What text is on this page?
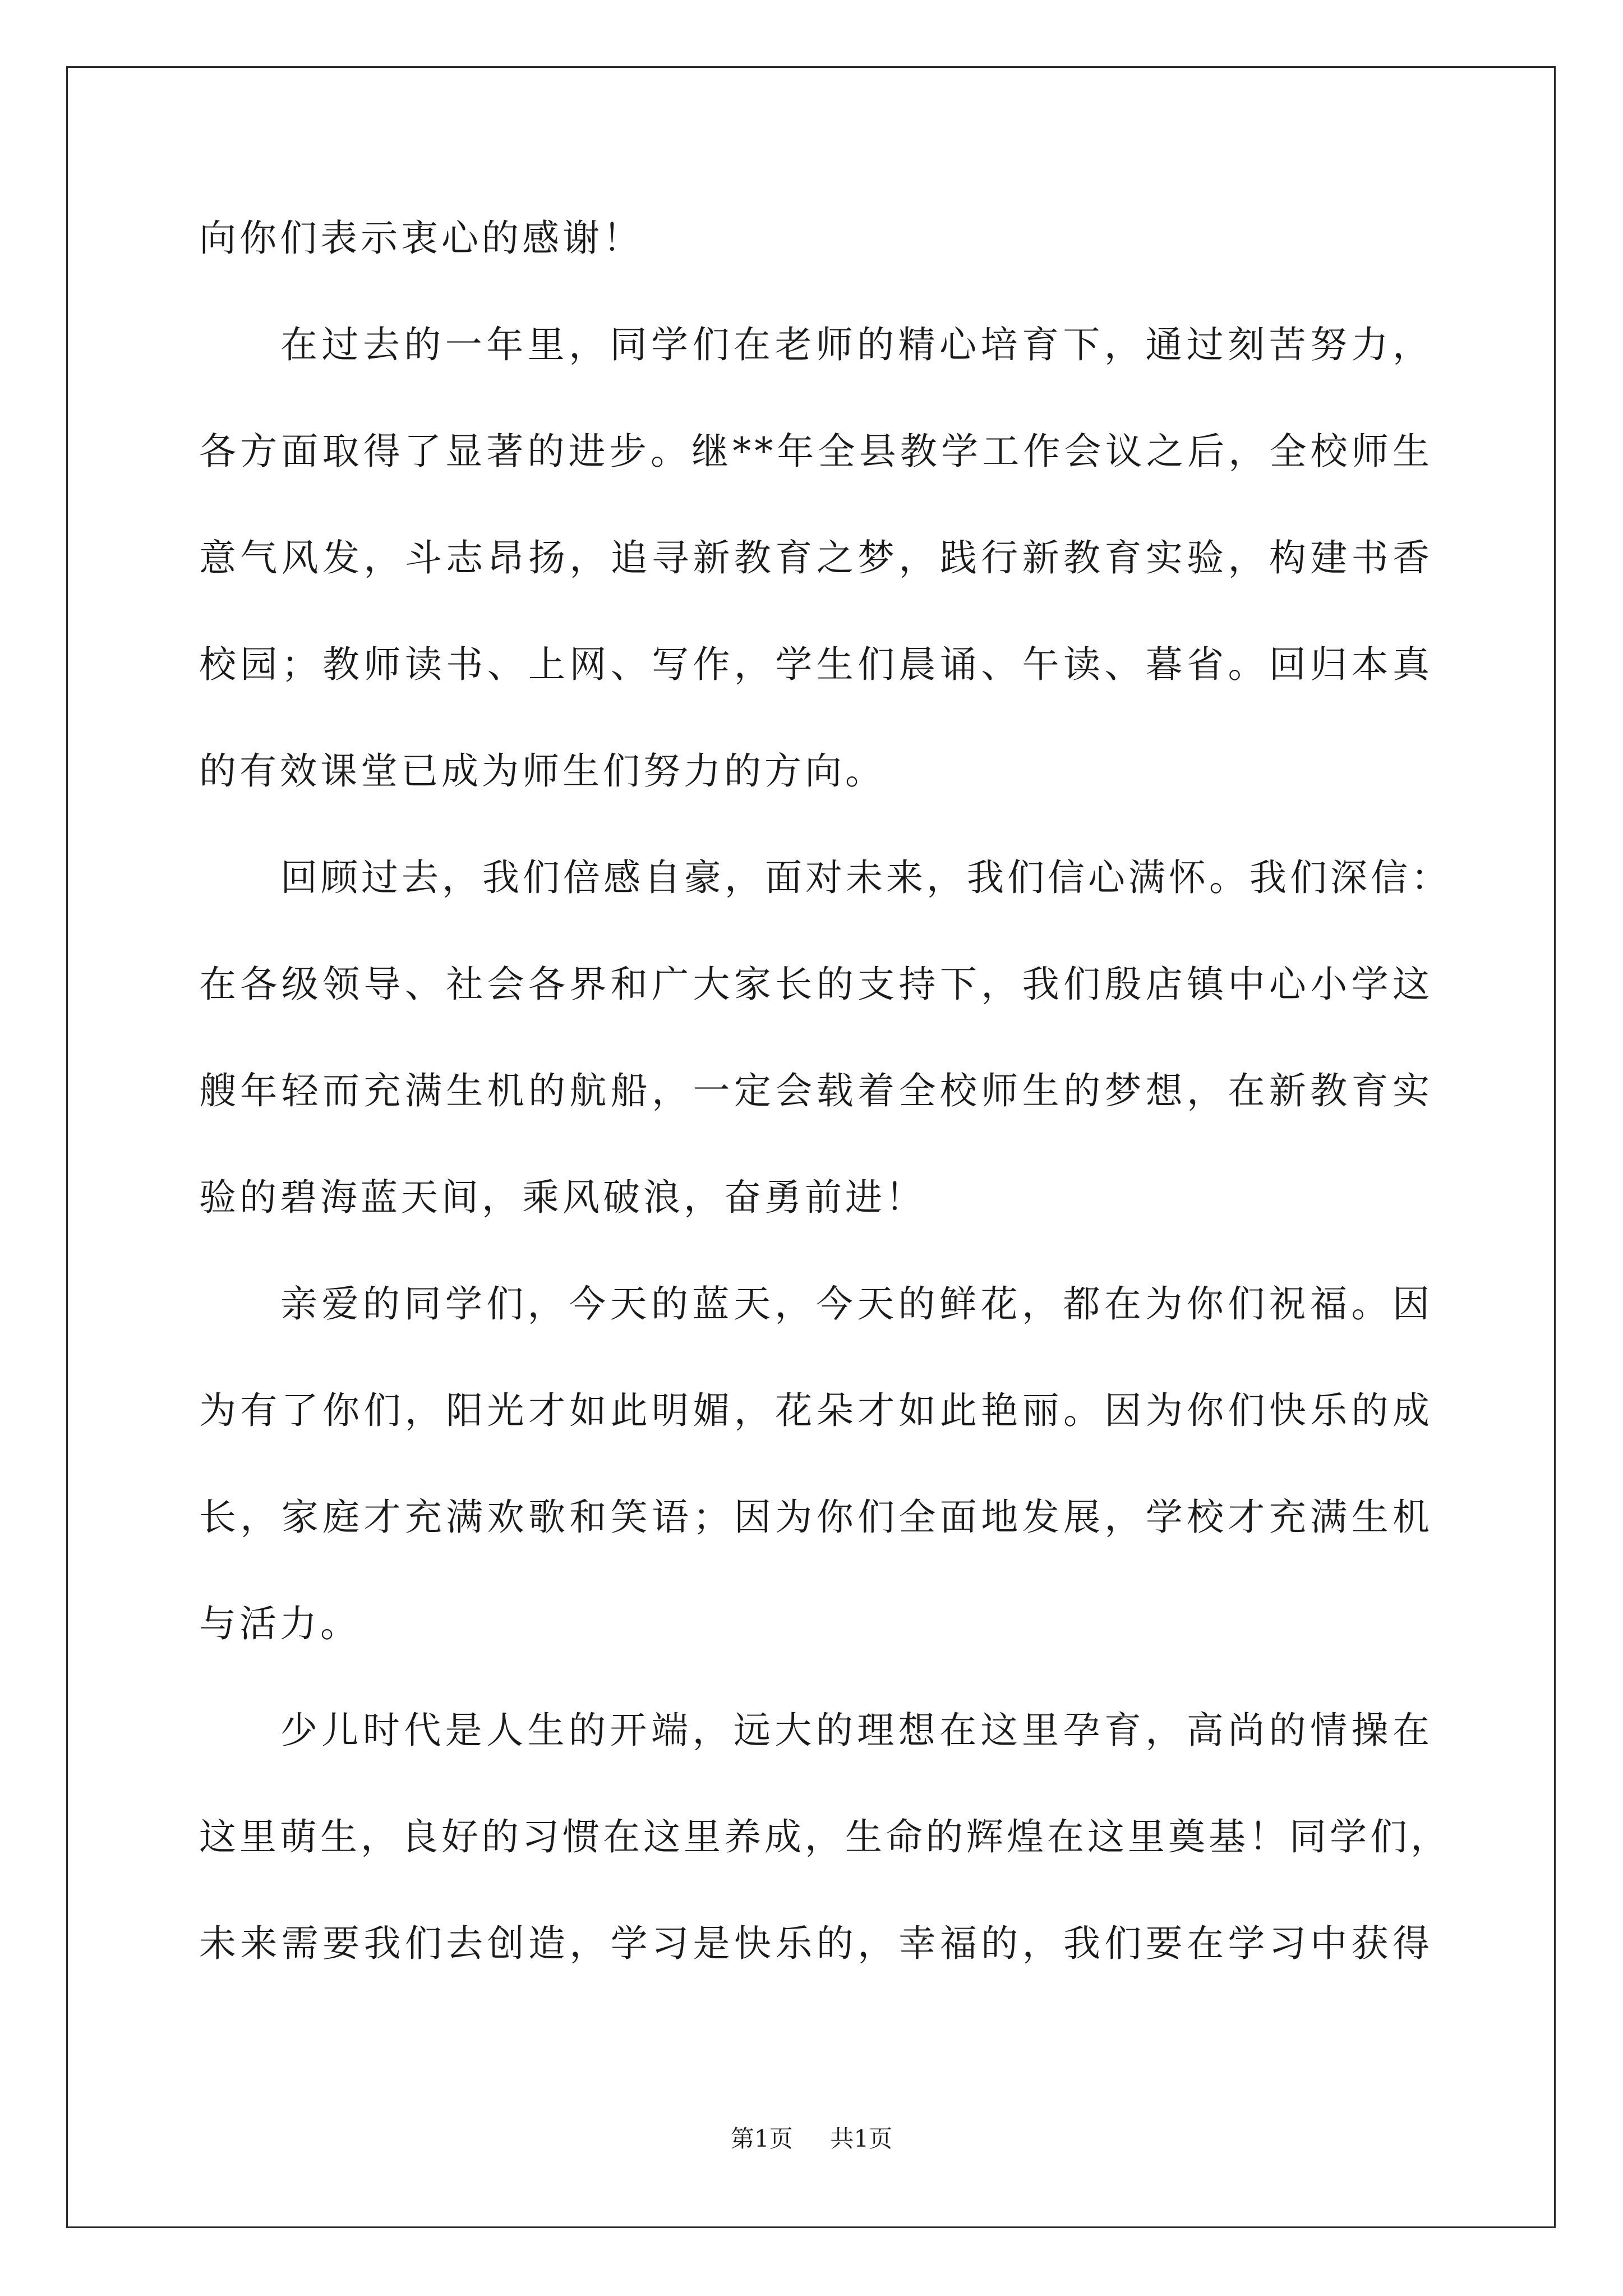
向你们表示衷心的感谢！
在过去的一年里，同学们在老师的精心培育下，通过刻苦努力，
各方面取得了显著的进步。继**年全县教学工作会议之后，全校师生
意气风发，斗志昂扬，追寻新教育之梦，践行新教育实验，构建书香
校园；教师读书、上网、写作，学生们晨诵、午读、暮省。回归本真
的有效课堂已成为师生们努力的方向。
回顾过去，我们倍感自豪，面对未来，我们信心满怀。我们深信：
在各级领导、社会各界和广大家长的支持下，我们殷店镇中心小学这
艘年轻而充满生机的航船，一定会载着全校师生的梦想，在新教育实
验的碧海蓝天间，乘风破浪，奋勇前进！
亲爱的同学们，今天的蓝天，今天的鲜花，都在为你们祝福。因
为有了你们，阳光才如此明媚，花朵才如此艳丽。因为你们快乐的成
长，家庭才充满欢歌和笑语；因为你们全面地发展，学校才充满生机
与活力。
少儿时代是人生的开端，远大的理想在这里孕育，高尚的情操在
这里萌生，良好的习惯在这里养成，生命的辉煌在这里奠基！同学们，
未来需要我们去创造，学习是快乐的，幸福的，我们要在学习中获得
第1页 共1页
